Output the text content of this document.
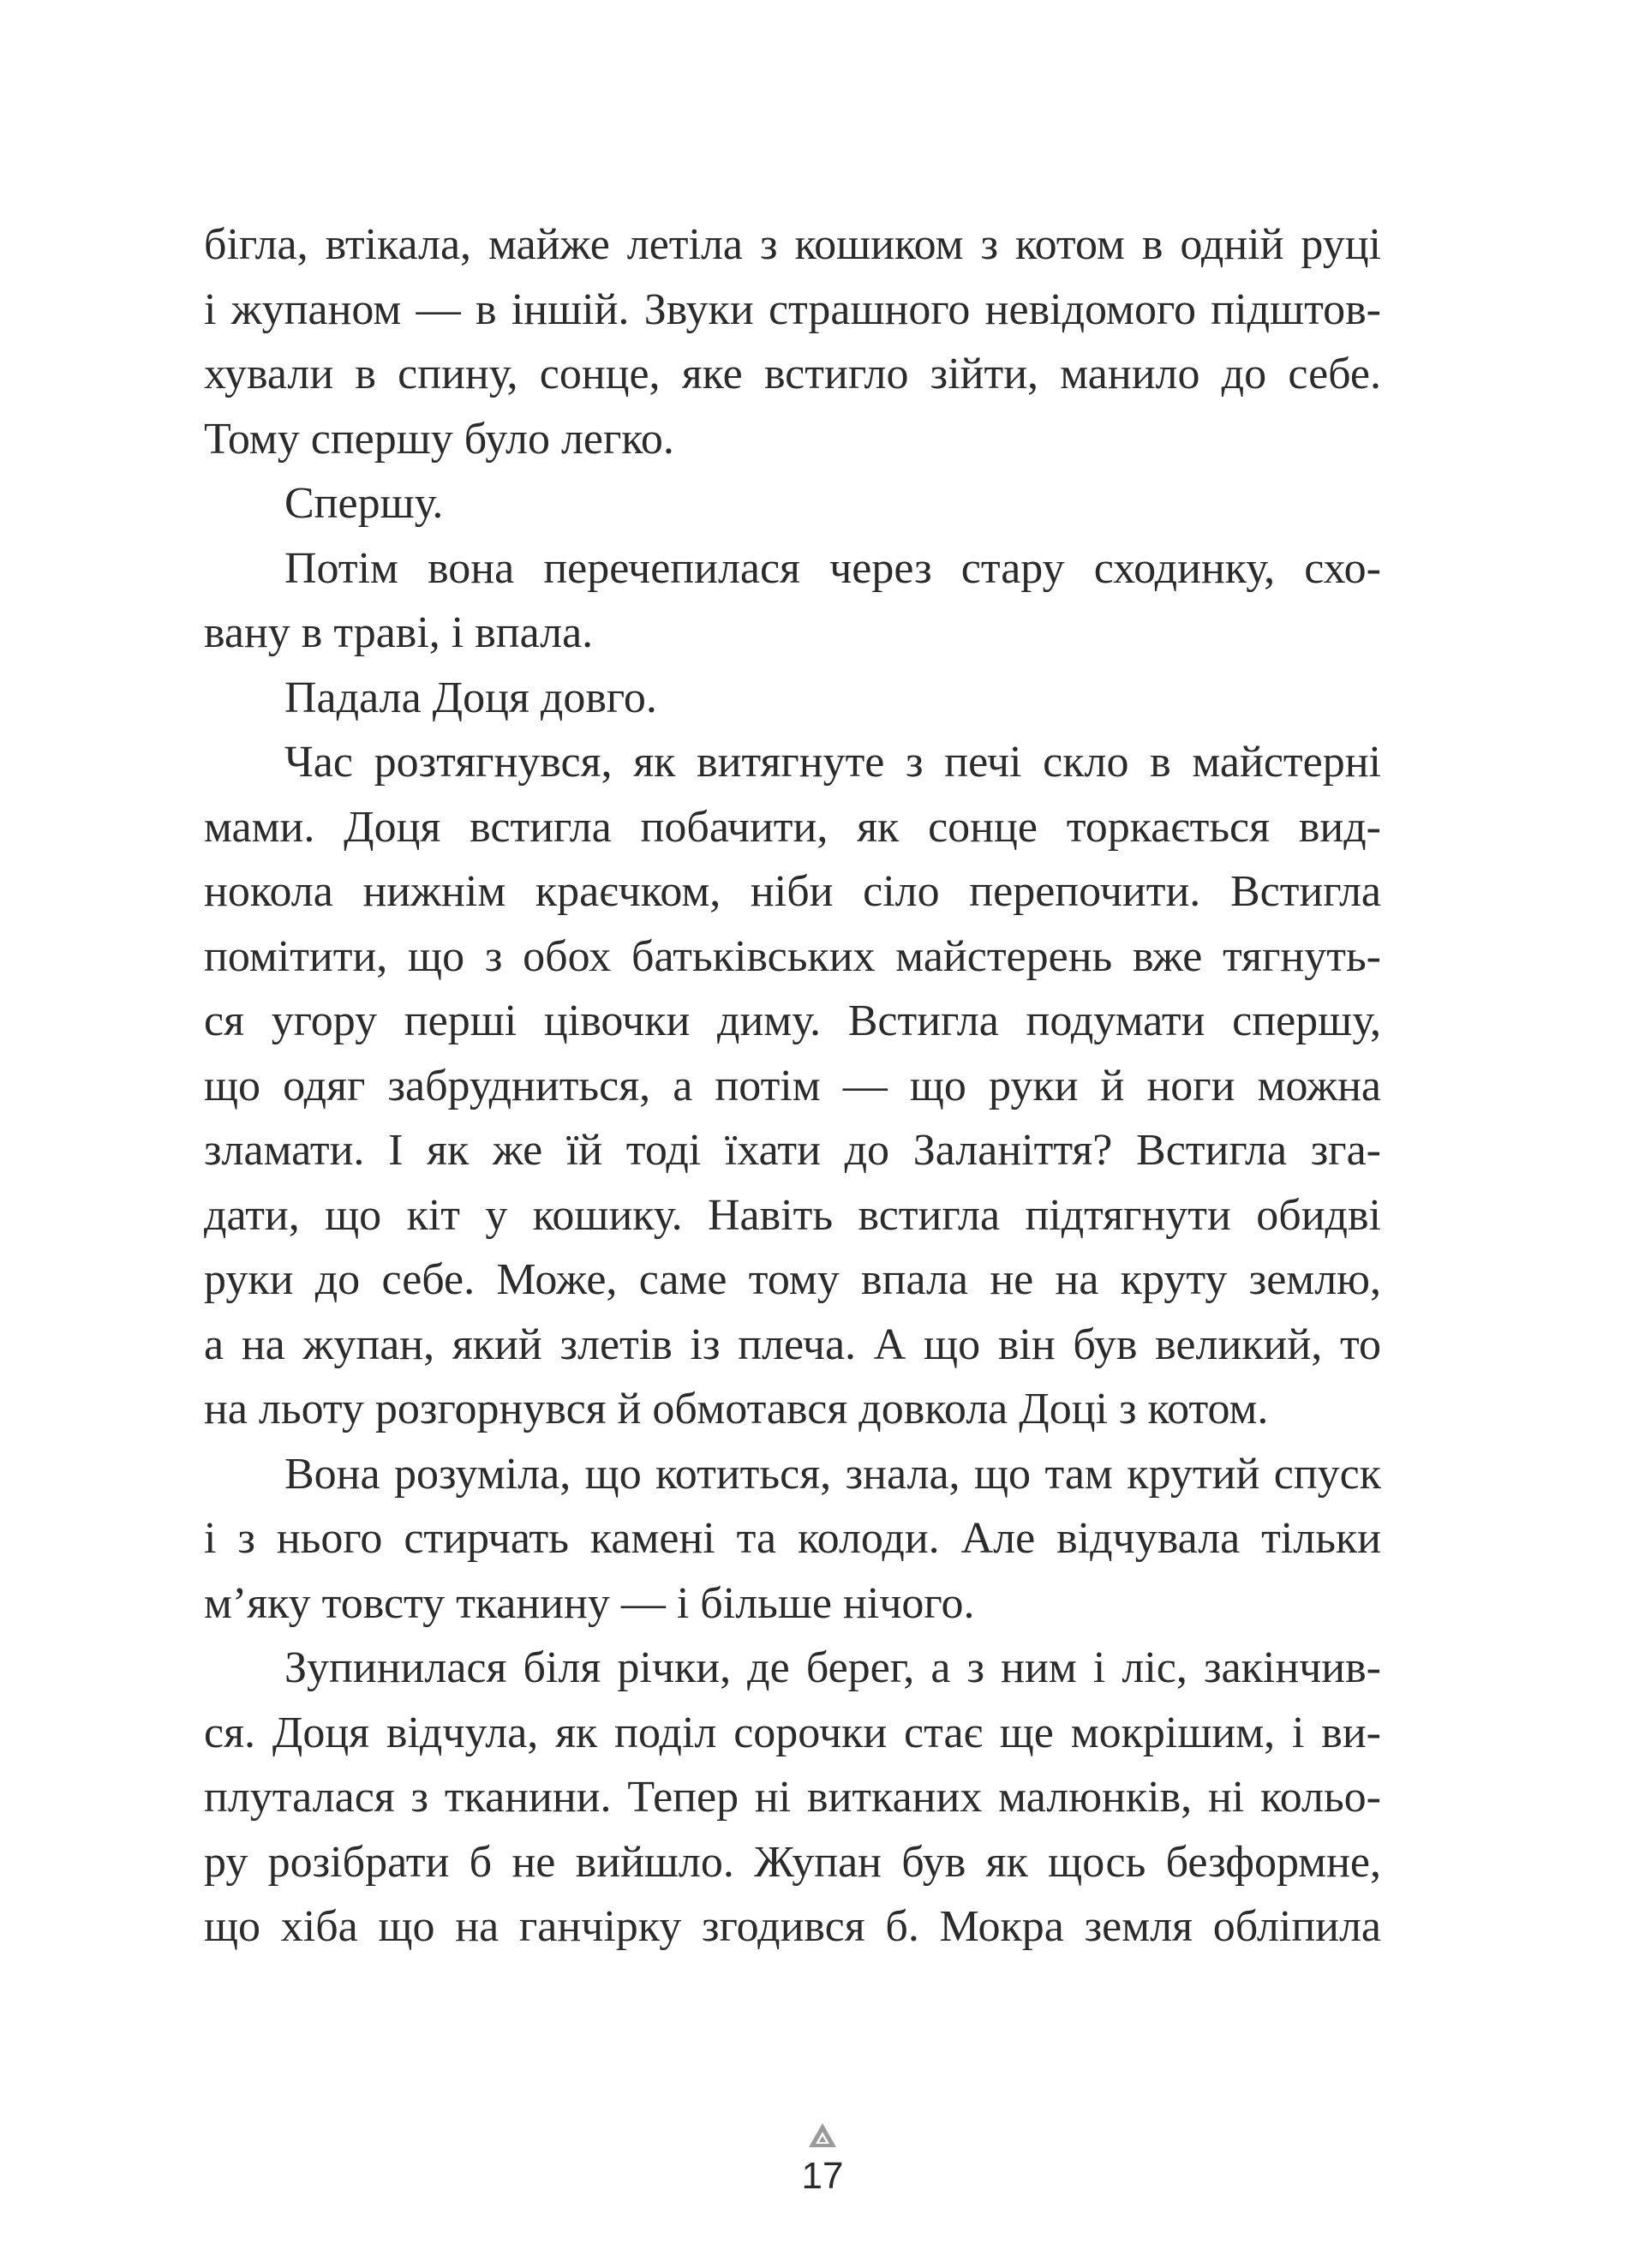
бігла, втікала, майже летіла з кошиком з котом в одній руці
і жупаном — в іншій. Звуки страшного невідомого підштов-
хували в спину, сонце, яке встигло зійти, манило до себе.
Тому спершу було легко.
Спершу.
Потім вона перечепилася через стару сходинку, схо-
вану в траві, і впала.
Падала Доця довго.
Час розтягнувся, як витягнуте з печі скло в майстерні
мами. Доця встигла побачити, як сонце торкається вид-
нокола нижнім краєчком, ніби сіло перепочити. Встигла
помітити, що з обох батьківських майстерень вже тягнуть-
ся угору перші цівочки диму. Встигла подумати спершу,
що одяг забрудниться, а потім — що руки й ноги можна
зламати. І як же їй тоді їхати до Заланіття? Встигла зга-
дати, що кіт у кошику. Навіть встигла підтягнути обидві
руки до себе. Може, саме тому впала не на круту землю,
а на жупан, який злетів із плеча. А що він був великий, то
на льоту розгорнувся й обмотався довкола Доці з котом.
Вона розуміла, що котиться, знала, що там крутий спуск
і з нього стирчать камені та колоди. Але відчувала тільки
м’яку товсту тканину — і більше нічого.
Зупинилася біля річки, де берег, а з ним і ліс, закінчив-
ся. Доця відчула, як поділ сорочки стає ще мокрішим, і ви-
плуталася з тканини. Тепер ні витканих малюнків, ні кольо-
ру розібрати б не вийшло. Жупан був як щось безформне,
що хіба що на ганчірку згодився б. Мокра земля обліпила
17
